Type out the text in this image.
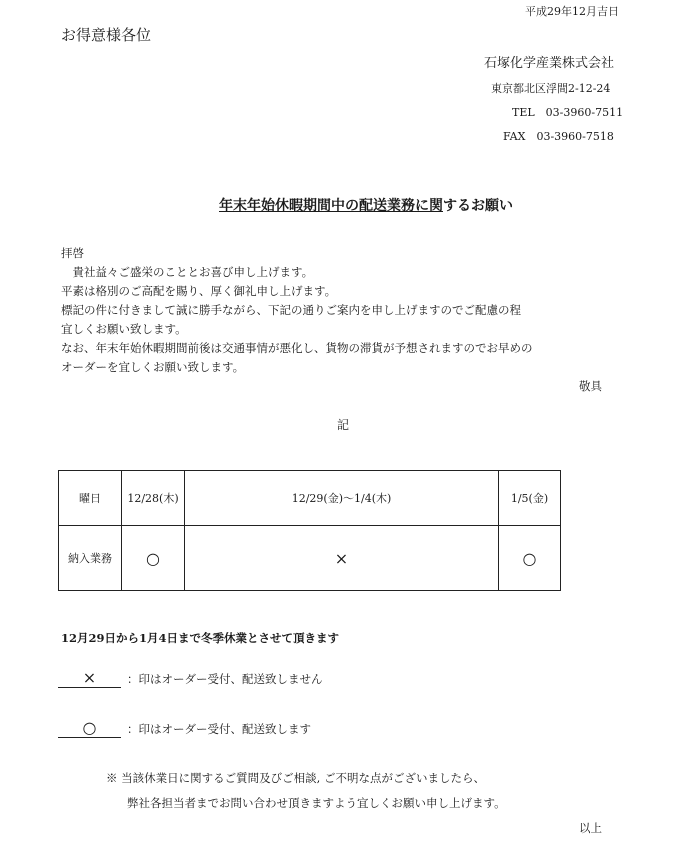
平成29年12月吉日
お得意様各位
石塚化学産業株式会社
東京都北区浮間2-12-24
TEL　03-3960-7511
FAX　03-3960-7518
年末年始休暇期間中の配送業務に関するお願い
拝啓
　貴社益々ご盛栄のこととお喜び申し上げます。
平素は格別のご高配を賜り、厚く御礼申し上げます。
標記の件に付きまして誠に勝手ながら、下記の通りご案内を申し上げますのでご配慮の程
宜しくお願い致します。
なお、年末年始休暇期間前後は交通事情が悪化し、貨物の滞貨が予想されますのでお早めの
オーダーを宜しくお願い致します。
敬具
記
曜日	12/28(木)	12/29(金)～1/4(木)	1/5(金)
納入業務	○	×	○
12月29日から1月4日まで冬季休業とさせて頂きます
×	：印はオーダー受付、配送致しません
○	：印はオーダー受付、配送致します
※ 当該休業日に関するご質問及びご相談, ご不明な点がございましたら、
弊社各担当者までお問い合わせ頂きますよう宜しくお願い申し上げます。
以上
